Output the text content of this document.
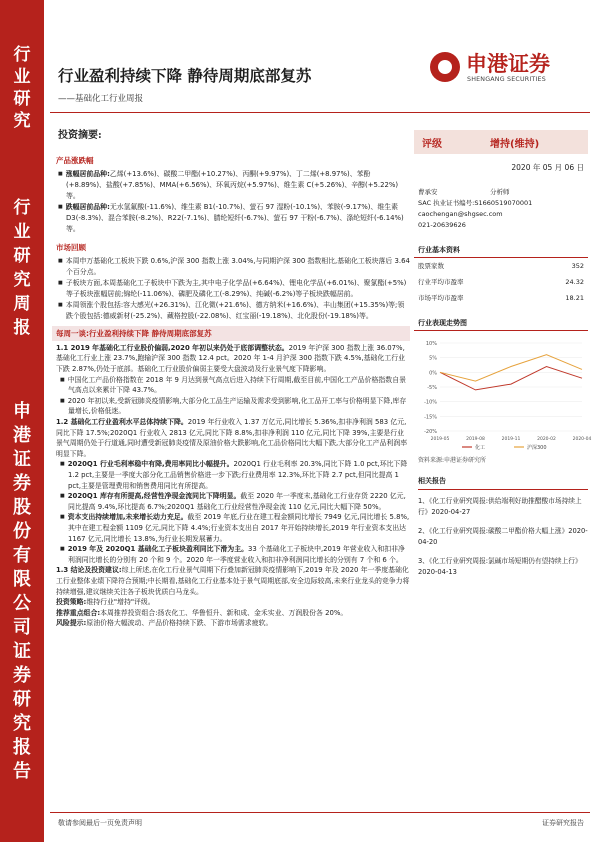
行
业
研
究
行
业
研
究
周
报
申
港
证
券
股
份
有
限
公
司
证
券
研
究
报
告
行业盈利持续下降 静待周期底部复苏
——基础化工行业周报
申港证券
SHENGANG SECURITIES
投资摘要:
产品涨跌幅
■ 涨幅居前品种:乙烯(+13.6%)、碳酸二甲酯(+10.27%)、丙酮(+9.97%)、丁二烯(+8.97%)、苯酚(+8.89%)、盐酸(+7.85%)、MMA(+6.56%)、环氧丙烷(+5.97%)、维生素 C(+5.26%)、辛醇(+5.22%)等。
■ 跌幅居前品种:无水氢氟酸(-11.6%)、维生素 B1(-10.7%)、萤石 97 湿粉(-10.1%)、苯胺(-9.17%)、维生素 D3(-8.3%)、混合苯胺(-8.2%)、R22(-7.1%)、腈纶短纤(-6.7%)、萤石 97 干粉(-6.7%)、涤纶短纤(-6.14%)等。
市场回顾
■ 本周申万基础化工板块下跌 0.6%,沪深 300 指数上涨 3.04%,与同期沪深 300 指数相比,基础化工板块落后 3.64 个百分点。
■ 子板块方面,本周基础化工子板块中下跌为主,其中电子化学品(+6.64%)、锂电化学品(+6.01%)、聚氯酯(+5%)等子板块涨幅居前;锦纶(-11.06%)、磷肥及磷化工(-8.29%)、纯碱(-6.2%)等子板块跌幅居前。
■ 本周领涨个股包括:容大感光(+26.31%)、江化微(+21.6%)、德方纳米(+16.6%)、丰山集团(+15.35%)等;领跌个股包括:德威新材(-25.2%)、藏格控股(-22.08%)、红宝丽(-19.18%)、北化股份(-19.18%)等。
每周一谈:行业盈利持续下降 静待周期底部复苏
1.1 2019 年基础化工行业股价偏弱,2020 年初以来仍处于底部调整状态。2019 年沪深 300 指数上涨 36.07%,基础化工行业上涨 23.7%,跑输沪深 300 指数 12.4 pct。2020 年 1-4 月沪深 300 指数下跌 4.5%,基础化工行业下跌 2.87%,仍处于底部。基础化工行业股价偏弱主要受大盘波动及行业景气度下降影响。
■ 中国化工产品价格指数在 2018 年 9 月达到景气高点后进入持续下行周期,截至目前,中国化工产品价格指数自景气高点以来累计下降 43.7%。
■ 2020 年初以来,受新冠肺炎疫情影响,大部分化工品生产运输及需求受到影响,化工品开工率与价格明显下降,库存量增长,价格低迷。
1.2 基础化工行业盈利水平总体持续下降。2019 年行业收入 1.37 万亿元,同比增长 5.36%,扣非净利润 583 亿元,同比下降 17.5%;2020Q1 行业收入 2813 亿元,同比下降 8.8%,扣非净利润 110 亿元,同比下降 39%,主要是行业景气周期仍处于行道通,同时遭受新冠肺炎疫情及原油价格大跌影响,化工品价格同比大幅下跌,大部分化工产品利润率明显下降。
■ 2020Q1 行业毛利率稳中有降,费用率同比小幅提升。2020Q1 行业毛利率 20.3%,同比下降 1.0 pct,环比下降 1.2 pct,主要是一季度大部分化工品销售价格进一步下跌;行业费用率 12.3%,环比下降 2.7 pct,但同比提高 1 pct,主要是管理费用和销售费用同比有所提高。
■ 2020Q1 库存有所提高,经营性净现金流同比下降明显。截至 2020 年一季度末,基础化工行业存货 2220 亿元,同比提高 9.4%,环比提高 6.7%;2020Q1 基础化工行业经营性净现金流 110 亿元,同比大幅下降 50%。
■ 资本支出持续增加,未来增长动力充足。截至 2019 年底,行业在建工程金额同比增长 7949 亿元,同比增长 5.8%,其中在建工程金额 1109 亿元,同比下降 4.4%;行业资本支出自 2017 年开始持续增长,2019 年行业资本支出达 1167 亿元,同比增长 13.8%,为行业长期发展蓄力。
■ 2019 年及 2020Q1 基础化工子板块盈利同比下滑为主。33 个基础化工子板块中,2019 年营业收入和扣非净利润同比增长的分别有 20 个和 9 个。2020 年一季度营业收入和扣非净利润同比增长的分别有 7 个和 6 个。
1.3 结论及投资建议:综上所述,在化工行业景气周期下行叠加新冠肺炎疫情影响下,2019 年及 2020 年一季度基础化工行业整体业绩下降符合预期;中长期看,基础化工行业基本处于景气周期底部,安全边际较高,未来行业龙头的竞争力将持续增强,建议继续关注各子板块优质白马龙头。
投资策略:维持行业"增持"评级。
推荐重点组合:本周推荐投资组合:扬农化工、华鲁恒升、新和成、金禾实业、万润股份各 20%。
风险提示:原油价格大幅波动、产品价格持续下跌、下游市场需求疲软。
评级	增持(维持)
2020 年 05 月 06 日
曹承安	分析师
SAC 执业证书编号:S1660519070001
caochengan@shgsec.com
021-20639626
行业基本资料
股票家数	352
行业平均市盈率	24.32
市场平均市盈率	18.21
行业表现走势图
10%
5%
0%
-5%
-10%
-15%
-20%
2019-05	2019-08	2019-11	2020-02	2020-04
化工	沪深300
资料来源:申港证券研究所
相关报告
1、《化工行业研究周报:供给端利好助推醋酸市场持续上行》2020-04-27
2、《化工行业研究周报:碳酸二甲酯价格大幅上涨》2020-04-20
3、《化工行业研究周报:氯碱市场短期仍有望持续上行》2020-04-13
敬请参阅最后一页免责声明	证券研究报告
